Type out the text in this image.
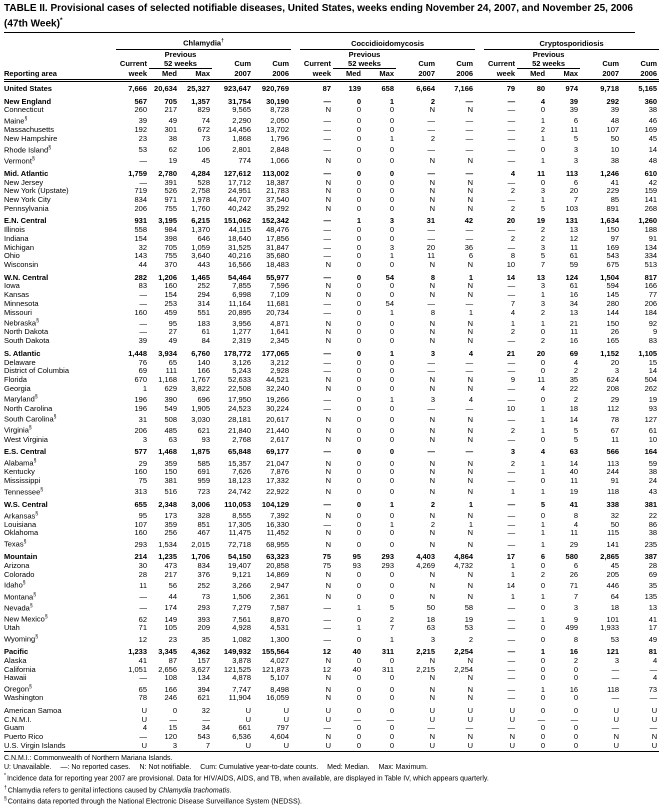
TABLE II. Provisional cases of selected notifiable diseases, United States, weeks ending November 24, 2007, and November 25, 2006 (47th Week)*
	Chlamydia†						Coccidioidomycosis						Cryptosporidiosis				
		Previous						Previous						Previous			
	Current	52 weeks		Cum	Cum		Current	52 weeks		Cum	Cum		Current	52 weeks		Cum	Cum
Reporting area	week	Med	Max	2007	2006		week	Med	Max	2007	2006		week	Med	Max	2007	2006
United States	7,666	20,634	25,327	923,647	920,769		87	139	658	6,664	7,166		79	80	974	9,718	5,165
New England	567	705	1,357	31,754	30,190		—	0	1	2	—		—	4	39	292	360
Connecticut	260	217	829	9,565	8,728		N	0	0	N	N		—	0	39	39	38
Maine§	39	49	74	2,290	2,050		—	0	0	—	—		—	1	6	48	46
Massachusetts	192	301	672	14,456	13,702		—	0	0	—	—		—	2	11	107	169
New Hampshire	23	38	73	1,868	1,796		—	0	1	2	—		—	1	5	50	45
Rhode Island§	53	62	106	2,801	2,848		—	0	0	—	—		—	0	3	10	14
Vermont§	—	19	45	774	1,066		N	0	0	N	N		—	1	3	38	48
Mid. Atlantic	1,759	2,780	4,284	127,612	113,002		—	0	0	—	—		4	11	113	1,246	610
New Jersey	—	391	528	17,712	18,387		N	0	0	N	N		—	0	6	41	42
New York (Upstate)	719	526	2,758	24,951	21,783		N	0	0	N	N		2	3	20	229	159
New York City	834	971	1,978	44,707	37,540		N	0	0	N	N		—	1	7	85	141
Pennsylvania	206	755	1,760	40,242	35,292		N	0	0	N	N		2	5	103	891	268
E.N. Central	931	3,195	6,215	151,062	152,342		—	1	3	31	42		20	19	131	1,634	1,260
Illinois	558	984	1,370	44,115	48,476		—	0	0	—	—		—	2	13	150	188
Indiana	154	398	646	18,640	17,856		—	0	0	—	—		2	2	12	97	91
Michigan	32	705	1,059	31,525	31,847		—	0	3	20	36		—	3	11	169	134
Ohio	143	755	3,640	40,216	35,680		—	0	1	11	6		8	5	61	543	334
Wisconsin	44	370	443	16,566	18,483		N	0	0	N	N		10	7	59	675	513
W.N. Central	282	1,206	1,465	54,464	55,977		—	0	54	8	1		14	13	124	1,504	817
Iowa	83	160	252	7,855	7,596		N	0	0	N	N		—	3	61	594	166
Kansas	—	154	294	6,998	7,109		N	0	0	N	N		—	1	16	145	77
Minnesota	—	253	314	11,164	11,681		—	0	54	—	—		7	3	34	280	206
Missouri	160	459	551	20,895	20,734		—	0	1	8	1		4	2	13	144	184
Nebraska§	—	95	183	3,956	4,871		N	0	0	N	N		1	1	21	150	92
North Dakota	—	27	61	1,277	1,641		N	0	0	N	N		2	0	11	26	9
South Dakota	39	49	84	2,319	2,345		N	0	0	N	N		—	2	16	165	83
S. Atlantic	1,448	3,934	6,760	178,772	177,065		—	0	1	3	4		21	20	69	1,152	1,105
Delaware	76	65	140	3,126	3,212		—	0	0	—	—		—	0	4	20	15
District of Columbia	69	111	166	5,243	2,928		—	0	0	—	—		—	0	2	3	14
Florida	670	1,168	1,767	52,633	44,521		N	0	0	N	N		9	11	35	624	504
Georgia	1	629	3,822	22,508	32,240		N	0	0	N	N		—	4	22	208	262
Maryland§	196	390	696	17,950	19,266		—	0	1	3	4		—	0	2	29	19
North Carolina	196	549	1,905	24,523	30,224		—	0	0	—	—		10	1	18	112	93
South Carolina§	31	508	3,030	28,181	20,617		N	0	0	N	N		—	1	14	78	127
Virginia§	206	485	621	21,840	21,440		N	0	0	N	N		2	1	5	67	61
West Virginia	3	63	93	2,768	2,617		N	0	0	N	N		—	0	5	11	10
E.S. Central	577	1,468	1,875	65,848	69,177		—	0	0	—	—		3	4	63	566	164
Alabama§	29	359	585	15,357	21,047		N	0	0	N	N		2	1	14	113	59
Kentucky	160	150	691	7,626	7,876		N	0	0	N	N		—	1	40	244	38
Mississippi	75	381	959	18,123	17,332		N	0	0	N	N		—	0	11	91	24
Tennessee§	313	516	723	24,742	22,922		N	0	0	N	N		1	1	19	118	43
W.S. Central	655	2,348	3,006	110,053	104,129		—	0	1	2	1		—	5	41	338	381
Arkansas§	95	173	328	8,555	7,392		N	0	0	N	N		—	0	8	32	22
Louisiana	107	359	851	17,305	16,330		—	0	1	2	1		—	1	4	50	86
Oklahoma	160	256	467	11,475	11,452		N	0	0	N	N		—	1	11	115	38
Texas§	293	1,534	2,015	72,718	68,955		N	0	0	N	N		—	1	29	141	235
Mountain	214	1,235	1,706	54,150	63,323		75	95	293	4,403	4,864		17	6	580	2,865	387
Arizona	30	473	834	19,407	20,858		75	93	293	4,269	4,732		1	0	6	45	28
Colorado	28	217	376	9,121	14,869		N	0	0	N	N		1	2	26	205	69
Idaho§	11	56	252	3,266	2,947		N	0	0	N	N		14	0	71	446	35
Montana§	—	44	73	1,506	2,361		N	0	0	N	N		1	1	7	64	135
Nevada§	—	174	293	7,279	7,587		—	1	5	50	58		—	0	3	18	13
New Mexico§	62	149	393	7,561	8,870		—	0	2	18	19		—	1	9	101	41
Utah	71	105	209	4,928	4,531		—	1	7	63	53		—	0	499	1,933	17
Wyoming§	12	23	35	1,082	1,300		—	0	1	3	2		—	0	8	53	49
Pacific	1,233	3,345	4,362	149,932	155,564		12	40	311	2,215	2,254		—	1	16	121	81
Alaska	41	87	157	3,878	4,027		N	0	0	N	N		—	0	2	3	4
California	1,051	2,656	3,627	121,525	121,873		12	40	311	2,215	2,254		—	0	0	—	—
Hawaii	—	108	134	4,878	5,107		N	0	0	N	N		—	0	0	—	4
Oregon§	65	166	394	7,747	8,498		N	0	0	N	N		—	1	16	118	73
Washington	78	246	621	11,904	16,059		N	0	0	N	N		—	0	0	—	—
American Samoa	U	0	32	U	U		U	0	0	U	U		U	0	0	U	U
C.N.M.I.	U	—	—	U	U		U	—	—	U	U		U	—	—	U	U
Guam	4	15	34	661	797		—	0	0	—	—		—	0	0	—	—
Puerto Rico	—	120	543	6,536	4,604		N	0	0	N	N		N	0	0	N	N
U.S. Virgin Islands	U	3	7	U	U		U	0	0	U	U		U	0	0	U	U
C.N.M.I.: Commonwealth of Northern Mariana Islands.
U: Unavailable. —: No reported cases. N: Not notifiable. Cum: Cumulative year-to-date counts. Med: Median. Max: Maximum.
*Incidence data for reporting year 2007 are provisional. Data for HIV/AIDS, AIDS, and TB, when available, are displayed in Table IV, which appears quarterly.
†Chlamydia refers to genital infections caused by Chlamydia trachomatis.
§Contains data reported through the National Electronic Disease Surveillance System (NEDSS).
